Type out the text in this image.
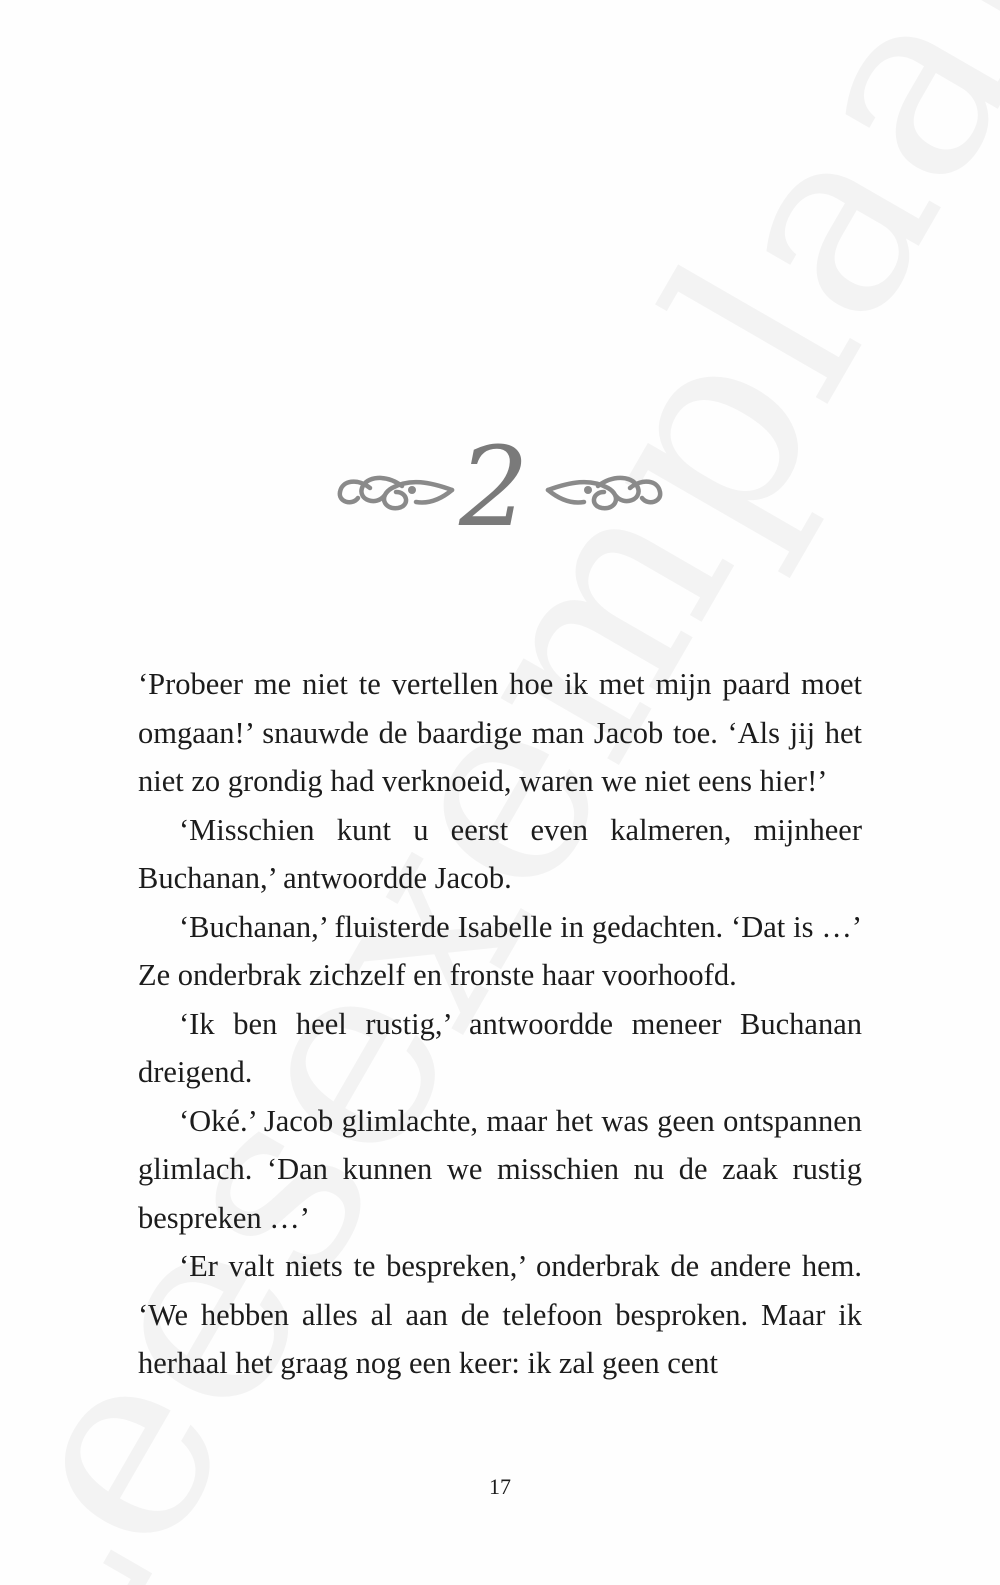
2

‘Probeer me niet te vertellen hoe ik met mijn paard moet omgaan!’ snauwde de baardige man Jacob toe. ‘Als jij het niet zo grondig had verknoeid, waren we niet eens hier!’

‘Misschien kunt u eerst even kalmeren, mijnheer Buchanan,’ antwoordde Jacob.

‘Buchanan,’ fluisterde Isabelle in gedachten. ‘Dat is …’ Ze onderbrak zichzelf en fronste haar voorhoofd.

‘Ik ben heel rustig,’ antwoordde meneer Buchanan dreigend.

‘Oké.’ Jacob glimlachte, maar het was geen ontspannen glimlach. ‘Dan kunnen we misschien nu de zaak rustig bespreken …’

‘Er valt niets te bespreken,’ onderbrak de andere hem. ‘We hebben alles al aan de telefoon besproken. Maar ik herhaal het graag nog een keer: ik zal geen cent

17
